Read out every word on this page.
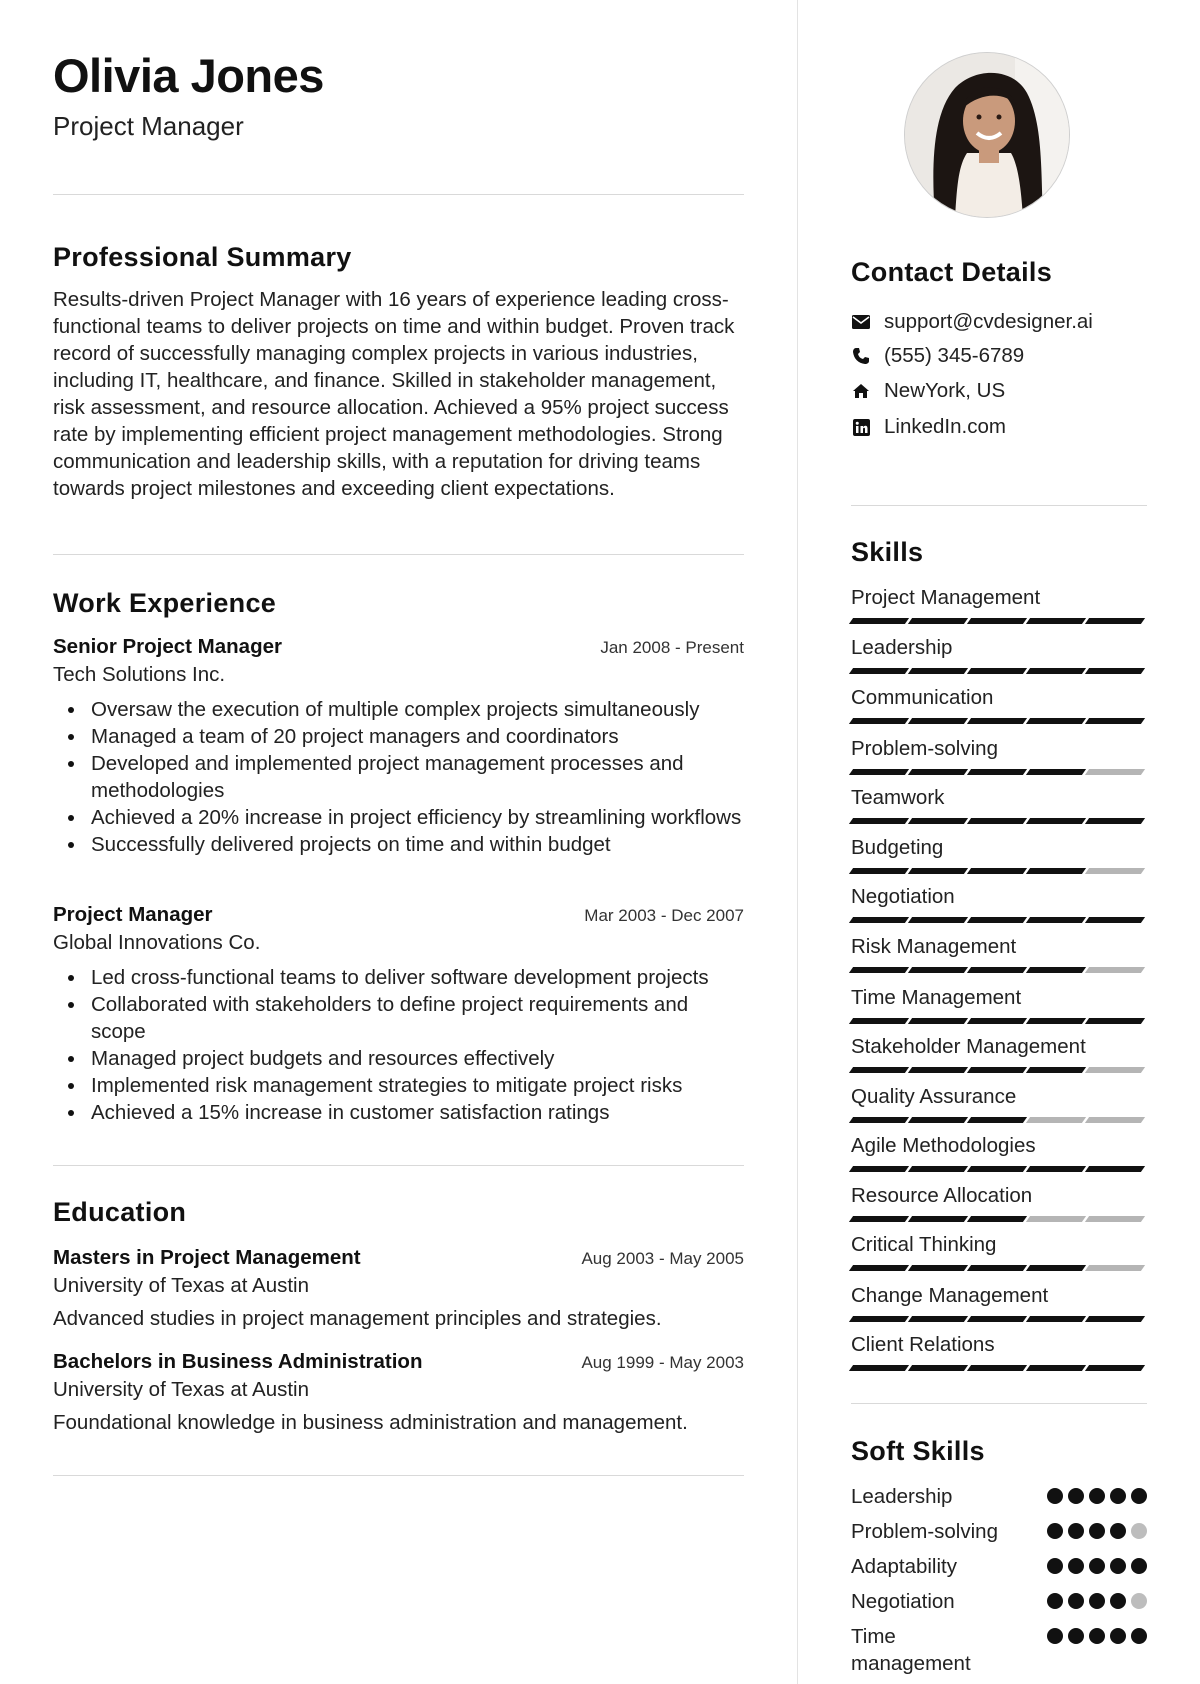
Olivia Jones
Project Manager
Professional Summary
Results-driven Project Manager with 16 years of experience leading cross-functional teams to deliver projects on time and within budget. Proven track record of successfully managing complex projects in various industries, including IT, healthcare, and finance. Skilled in stakeholder management, risk assessment, and resource allocation. Achieved a 95% project success rate by implementing efficient project management methodologies. Strong communication and leadership skills, with a reputation for driving teams towards project milestones and exceeding client expectations.
Work Experience
Senior Project Manager	Jan 2008 - Present
Tech Solutions Inc.
Oversaw the execution of multiple complex projects simultaneously
Managed a team of 20 project managers and coordinators
Developed and implemented project management processes and methodologies
Achieved a 20% increase in project efficiency by streamlining workflows
Successfully delivered projects on time and within budget
Project Manager	Mar 2003 - Dec 2007
Global Innovations Co.
Led cross-functional teams to deliver software development projects
Collaborated with stakeholders to define project requirements and scope
Managed project budgets and resources effectively
Implemented risk management strategies to mitigate project risks
Achieved a 15% increase in customer satisfaction ratings
Education
Masters in Project Management	Aug 2003 - May 2005
University of Texas at Austin
Advanced studies in project management principles and strategies.
Bachelors in Business Administration	Aug 1999 - May 2003
University of Texas at Austin
Foundational knowledge in business administration and management.
Contact Details
support@cvdesigner.ai
(555) 345-6789
NewYork, US
LinkedIn.com
Skills
Project Management
Leadership
Communication
Problem-solving
Teamwork
Budgeting
Negotiation
Risk Management
Time Management
Stakeholder Management
Quality Assurance
Agile Methodologies
Resource Allocation
Critical Thinking
Change Management
Client Relations
Soft Skills
Leadership
Problem-solving
Adaptability
Negotiation
Time management
